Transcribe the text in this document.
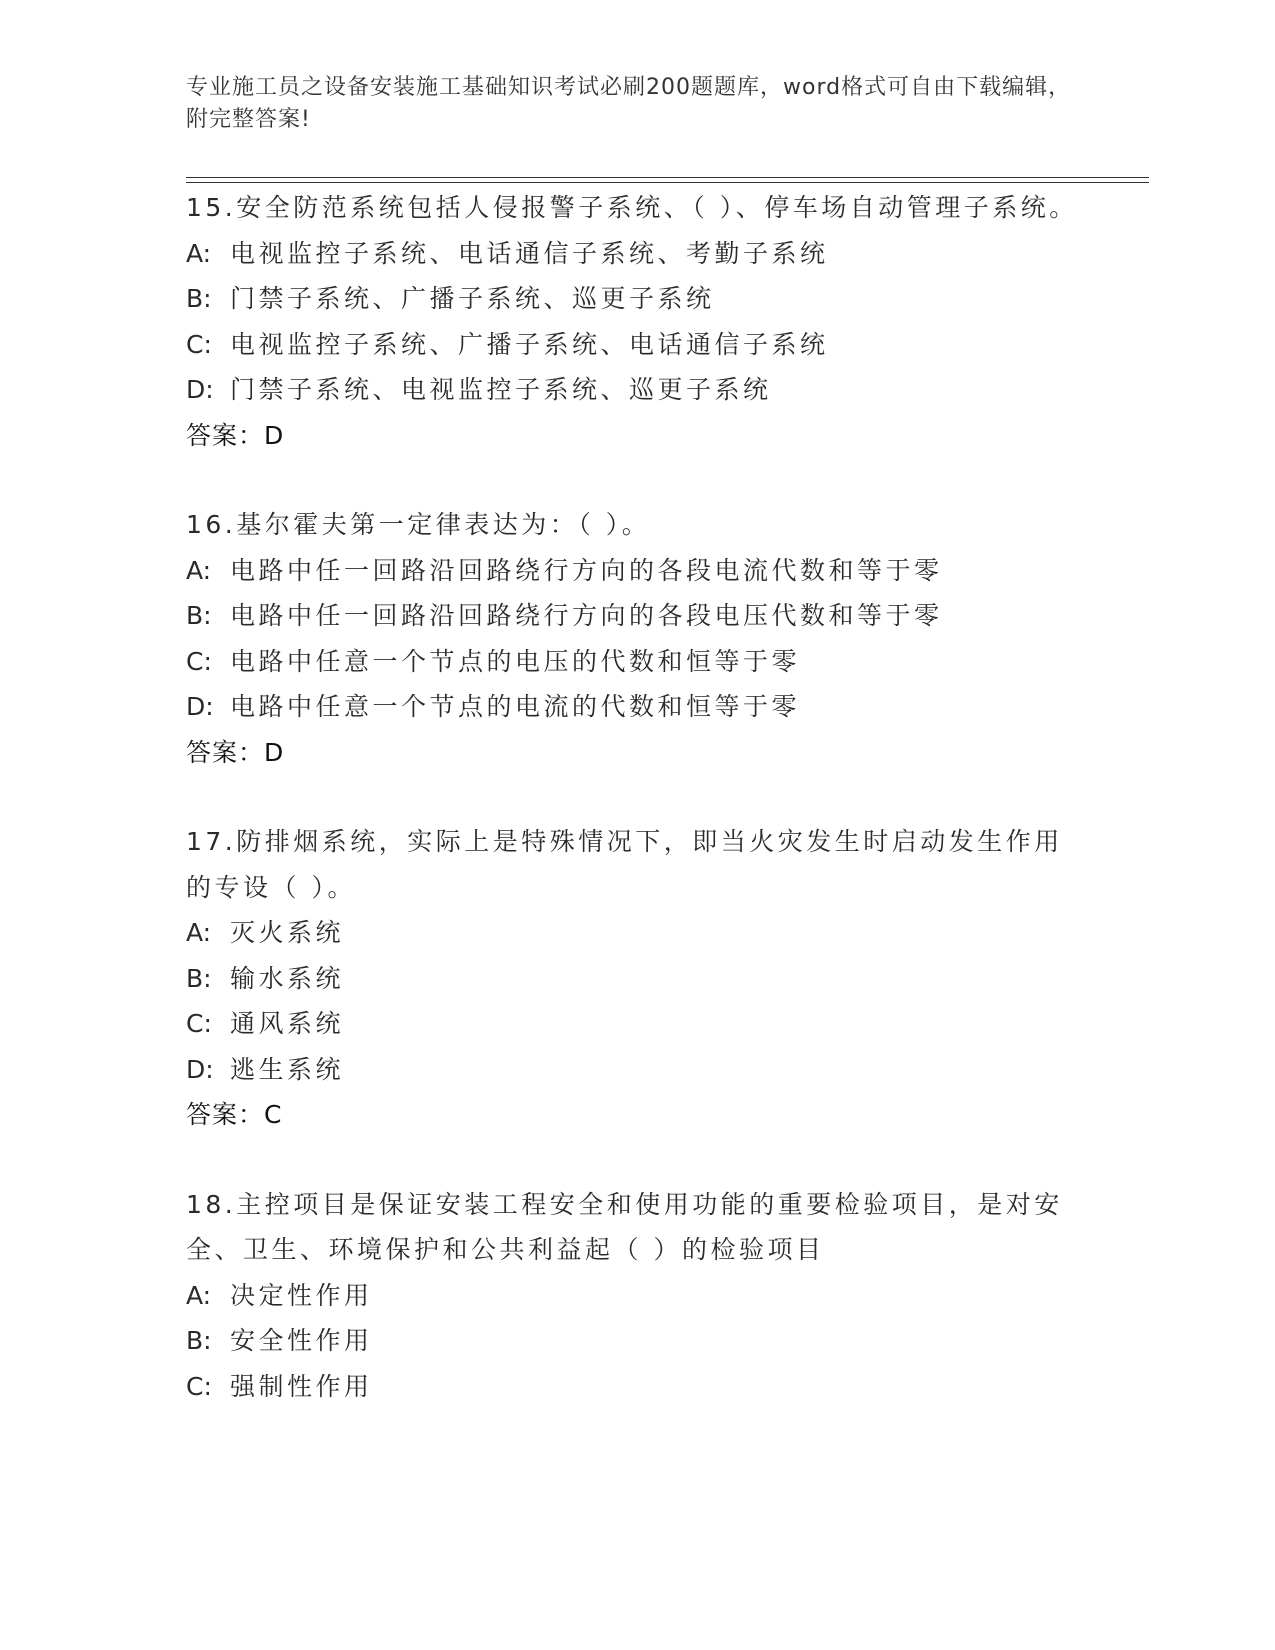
专业施工员之设备安装施工基础知识考试必刷200题题库，word格式可自由下载编辑，附完整答案!
15.安全防范系统包括人侵报警子系统、（ ）、停车场自动管理子系统。
A: 电视监控子系统、电话通信子系统、考勤子系统
B: 门禁子系统、广播子系统、巡更子系统
C: 电视监控子系统、广播子系统、电话通信子系统
D: 门禁子系统、电视监控子系统、巡更子系统
答案：D
16.基尔霍夫第一定律表达为：（ ）。
A: 电路中任一回路沿回路绕行方向的各段电流代数和等于零
B: 电路中任一回路沿回路绕行方向的各段电压代数和等于零
C: 电路中任意一个节点的电压的代数和恒等于零
D: 电路中任意一个节点的电流的代数和恒等于零
答案：D
17.防排烟系统，实际上是特殊情况下，即当火灾发生时启动发生作用的专设（ ）。
A: 灭火系统
B: 输水系统
C: 通风系统
D: 逃生系统
答案：C
18.主控项目是保证安装工程安全和使用功能的重要检验项目，是对安全、卫生、环境保护和公共利益起（ ）的检验项目
A: 决定性作用
B: 安全性作用
C: 强制性作用
